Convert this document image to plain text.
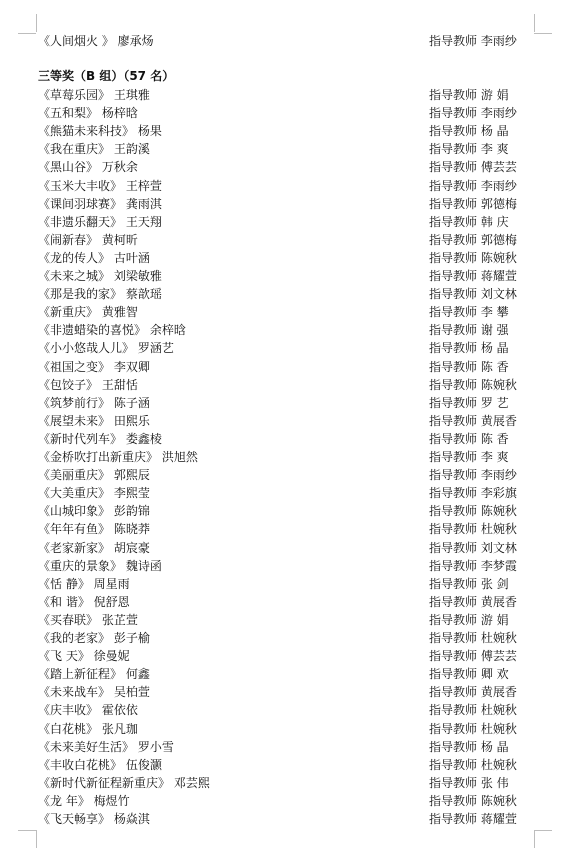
《人间烟火 》 廖承炀	指导教师 李雨纱
三等奖（B 组）（57 名）
《草莓乐园》 王琪雅	指导教师 游 娟
《五和梨》 杨梓晗	指导教师 李雨纱
《熊猫未来科技》 杨果	指导教师 杨 晶
《我在重庆》 王韵溪	指导教师 李 爽
《黑山谷》 万秋余	指导教师 傅芸芸
《玉米大丰收》 王梓萱	指导教师 李雨纱
《课间羽球赛》 龚雨淇	指导教师 郭德梅
《非遗乐翻天》 王天翔	指导教师 韩 庆
《闹新春》 黄柯昕	指导教师 郭德梅
《龙的传人》 古叶涵	指导教师 陈婉秋
《未来之城》 刘梁敏雅	指导教师 蒋耀萱
《那是我的家》 蔡歆瑶	指导教师 刘文林
《新重庆》 黄雅智	指导教师 李 攀
《非遗蜡染的喜悦》 余梓晗	指导教师 谢 强
《小小悠哉人儿》 罗涵艺	指导教师 杨 晶
《祖国之变》 李双卿	指导教师 陈 香
《包饺子》 王甜恬	指导教师 陈婉秋
《筑梦前行》 陈子涵	指导教师 罗 艺
《展望未来》 田熙乐	指导教师 黄展香
《新时代列车》 娄鑫棱	指导教师 陈 香
《金桥吹打出新重庆》 洪旭然	指导教师 李 爽
《美丽重庆》 郭熙辰	指导教师 李雨纱
《大美重庆》 李熙莹	指导教师 李彩旗
《山城印象》 彭韵锦	指导教师 陈婉秋
《年年有鱼》 陈晓莽	指导教师 杜婉秋
《老家新家》 胡宸豪	指导教师 刘文林
《重庆的景象》 魏诗函	指导教师 李梦霞
《恬 静》 周星雨	指导教师 张 剑
《和 谐》 倪舒恩	指导教师 黄展香
《买春联》 张芷萱	指导教师 游 娟
《我的老家》 彭子榆	指导教师 杜婉秋
《飞 天》 徐曼妮	指导教师 傅芸芸
《踏上新征程》 何鑫	指导教师 卿 欢
《未来战车》 吴柏萱	指导教师 黄展香
《庆丰收》 霍依依	指导教师 杜婉秋
《白花桃》 张凡珈	指导教师 杜婉秋
《未来美好生活》 罗小雪	指导教师 杨 晶
《丰收白花桃》 伍俊灏	指导教师 杜婉秋
《新时代新征程新重庆》 邓芸熙	指导教师 张 伟
《龙 年》 梅煜竹	指导教师 陈婉秋
《飞天畅享》 杨焱淇	指导教师 蒋耀萱
